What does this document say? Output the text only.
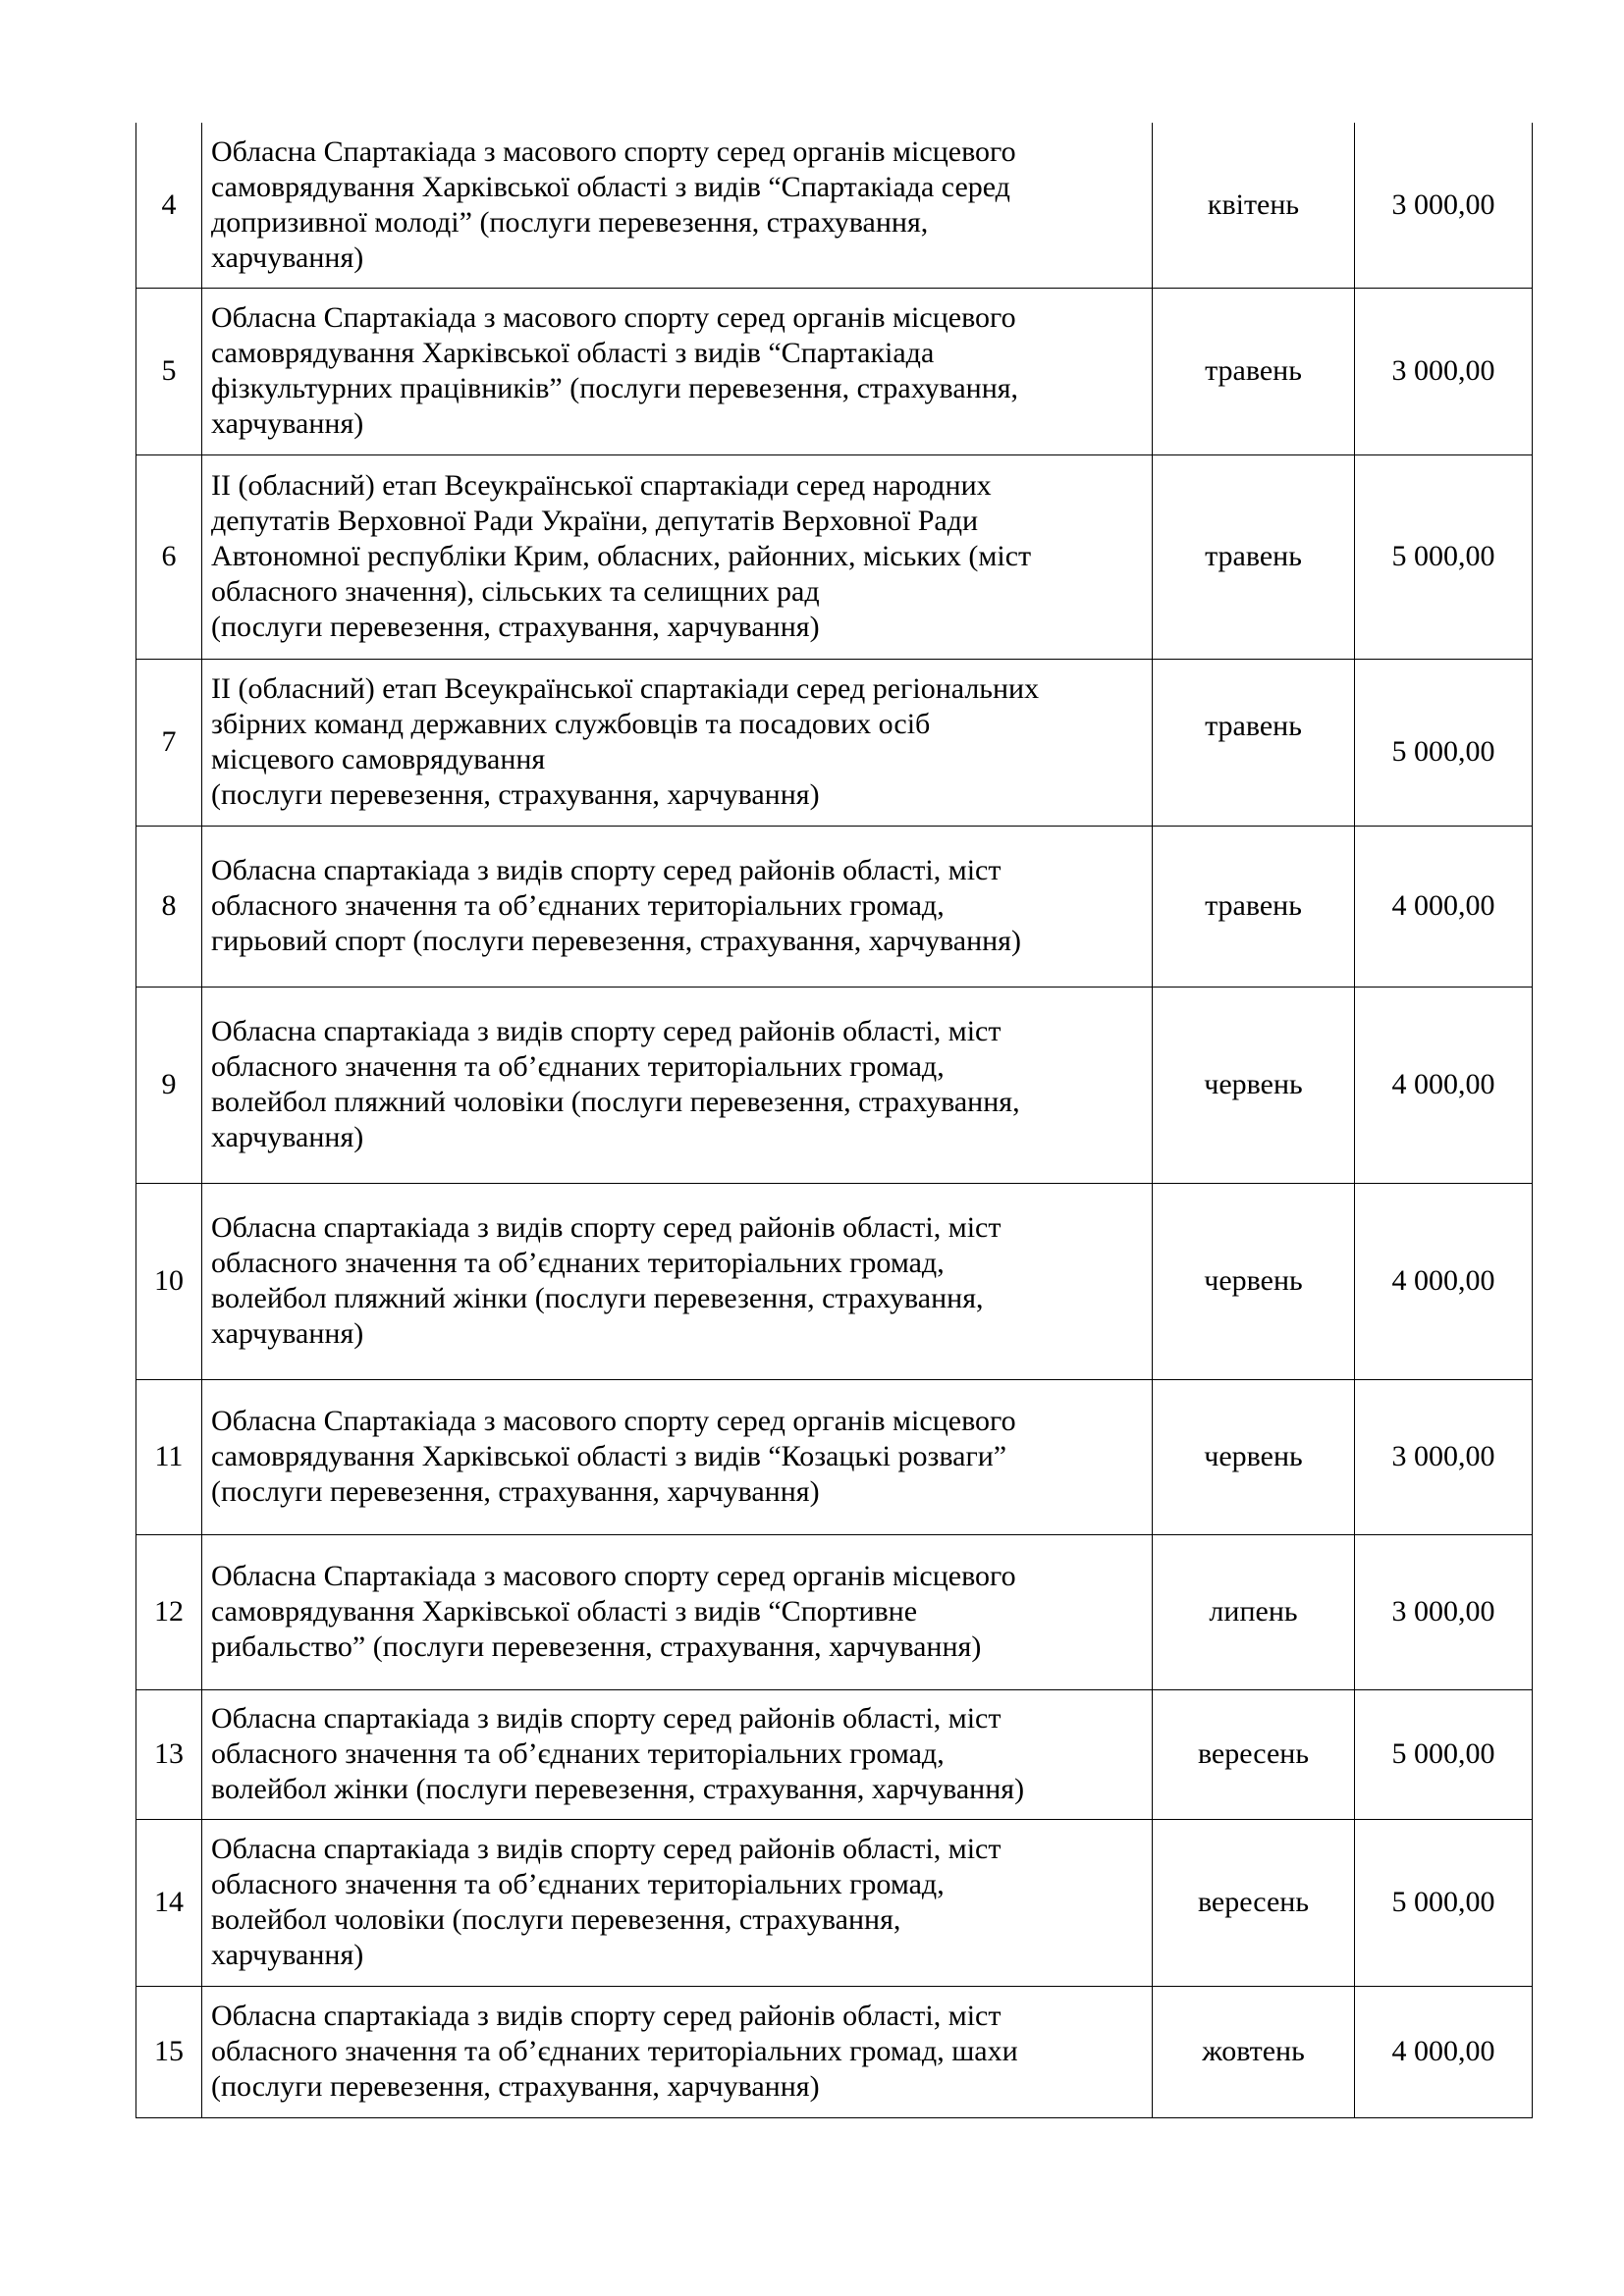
4	Обласна Спартакіада з масового спорту серед органів місцевого
самоврядування Харківської області з видів “Спартакіада серед
допризивної молоді” (послуги перевезення, страхування,
харчування)	квітень	3 000,00
5	Обласна Спартакіада з масового спорту серед органів місцевого
самоврядування Харківської області з видів “Спартакіада
фізкультурних працівників” (послуги перевезення, страхування,
харчування)	травень	3 000,00
6	ІІ (обласний) етап Всеукраїнської спартакіади серед народних
депутатів Верховної Ради України, депутатів Верховної Ради
Автономної республіки Крим, обласних, районних, міських (міст
обласного значення), сільських та селищних рад
(послуги перевезення, страхування, харчування)	травень	5 000,00
7	ІІ (обласний) етап Всеукраїнської спартакіади серед регіональних
збірних команд державних службовців та посадових осіб
місцевого самоврядування
(послуги перевезення, страхування, харчування)	травень	5 000,00
8	Обласна спартакіада з видів спорту серед районів області, міст
обласного значення та об’єднаних територіальних громад,
гирьовий спорт (послуги перевезення, страхування, харчування)	травень	4 000,00
9	Обласна спартакіада з видів спорту серед районів області, міст
обласного значення та об’єднаних територіальних громад,
волейбол пляжний чоловіки (послуги перевезення, страхування,
харчування)	червень	4 000,00
10	Обласна спартакіада з видів спорту серед районів області, міст
обласного значення та об’єднаних територіальних громад,
волейбол пляжний жінки (послуги перевезення, страхування,
харчування)	червень	4 000,00
11	Обласна Спартакіада з масового спорту серед органів місцевого
самоврядування Харківської області з видів “Козацькі розваги”
(послуги перевезення, страхування, харчування)	червень	3 000,00
12	Обласна Спартакіада з масового спорту серед органів місцевого
самоврядування Харківської області з видів “Спортивне
рибальство” (послуги перевезення, страхування, харчування)	липень	3 000,00
13	Обласна спартакіада з видів спорту серед районів області, міст
обласного значення та об’єднаних територіальних громад,
волейбол жінки (послуги перевезення, страхування, харчування)	вересень	5 000,00
14	Обласна спартакіада з видів спорту серед районів області, міст
обласного значення та об’єднаних територіальних громад,
волейбол чоловіки (послуги перевезення, страхування,
харчування)	вересень	5 000,00
15	Обласна спартакіада з видів спорту серед районів області, міст
обласного значення та об’єднаних територіальних громад, шахи
(послуги перевезення, страхування, харчування)	жовтень	4 000,00
